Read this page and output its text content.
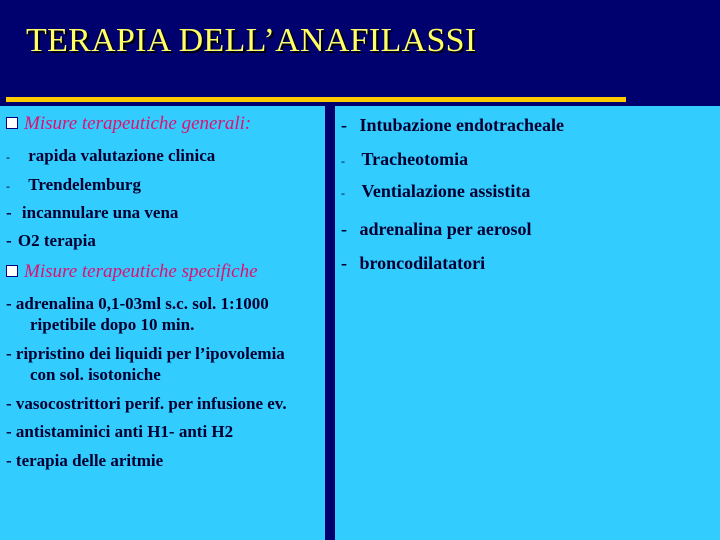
TERAPIA DELL’ANAFILASSI
Misure terapeutiche generali:
- rapida valutazione clinica
- Trendelemburg
- incannulare una vena
- O2 terapia
Misure terapeutiche specifiche
- adrenalina 0,1-03ml s.c. sol. 1:1000
ripetibile dopo 10 min.
- ripristino dei liquidi per l’ipovolemia
con sol. isotoniche
- vasocostrittori perif. per infusione ev.
- antistaminici anti H1- anti H2
- terapia delle aritmie
- Intubazione endotracheale
- Tracheotomia
- Ventialazione assistita
- adrenalina per aerosol
- broncodilatatori
